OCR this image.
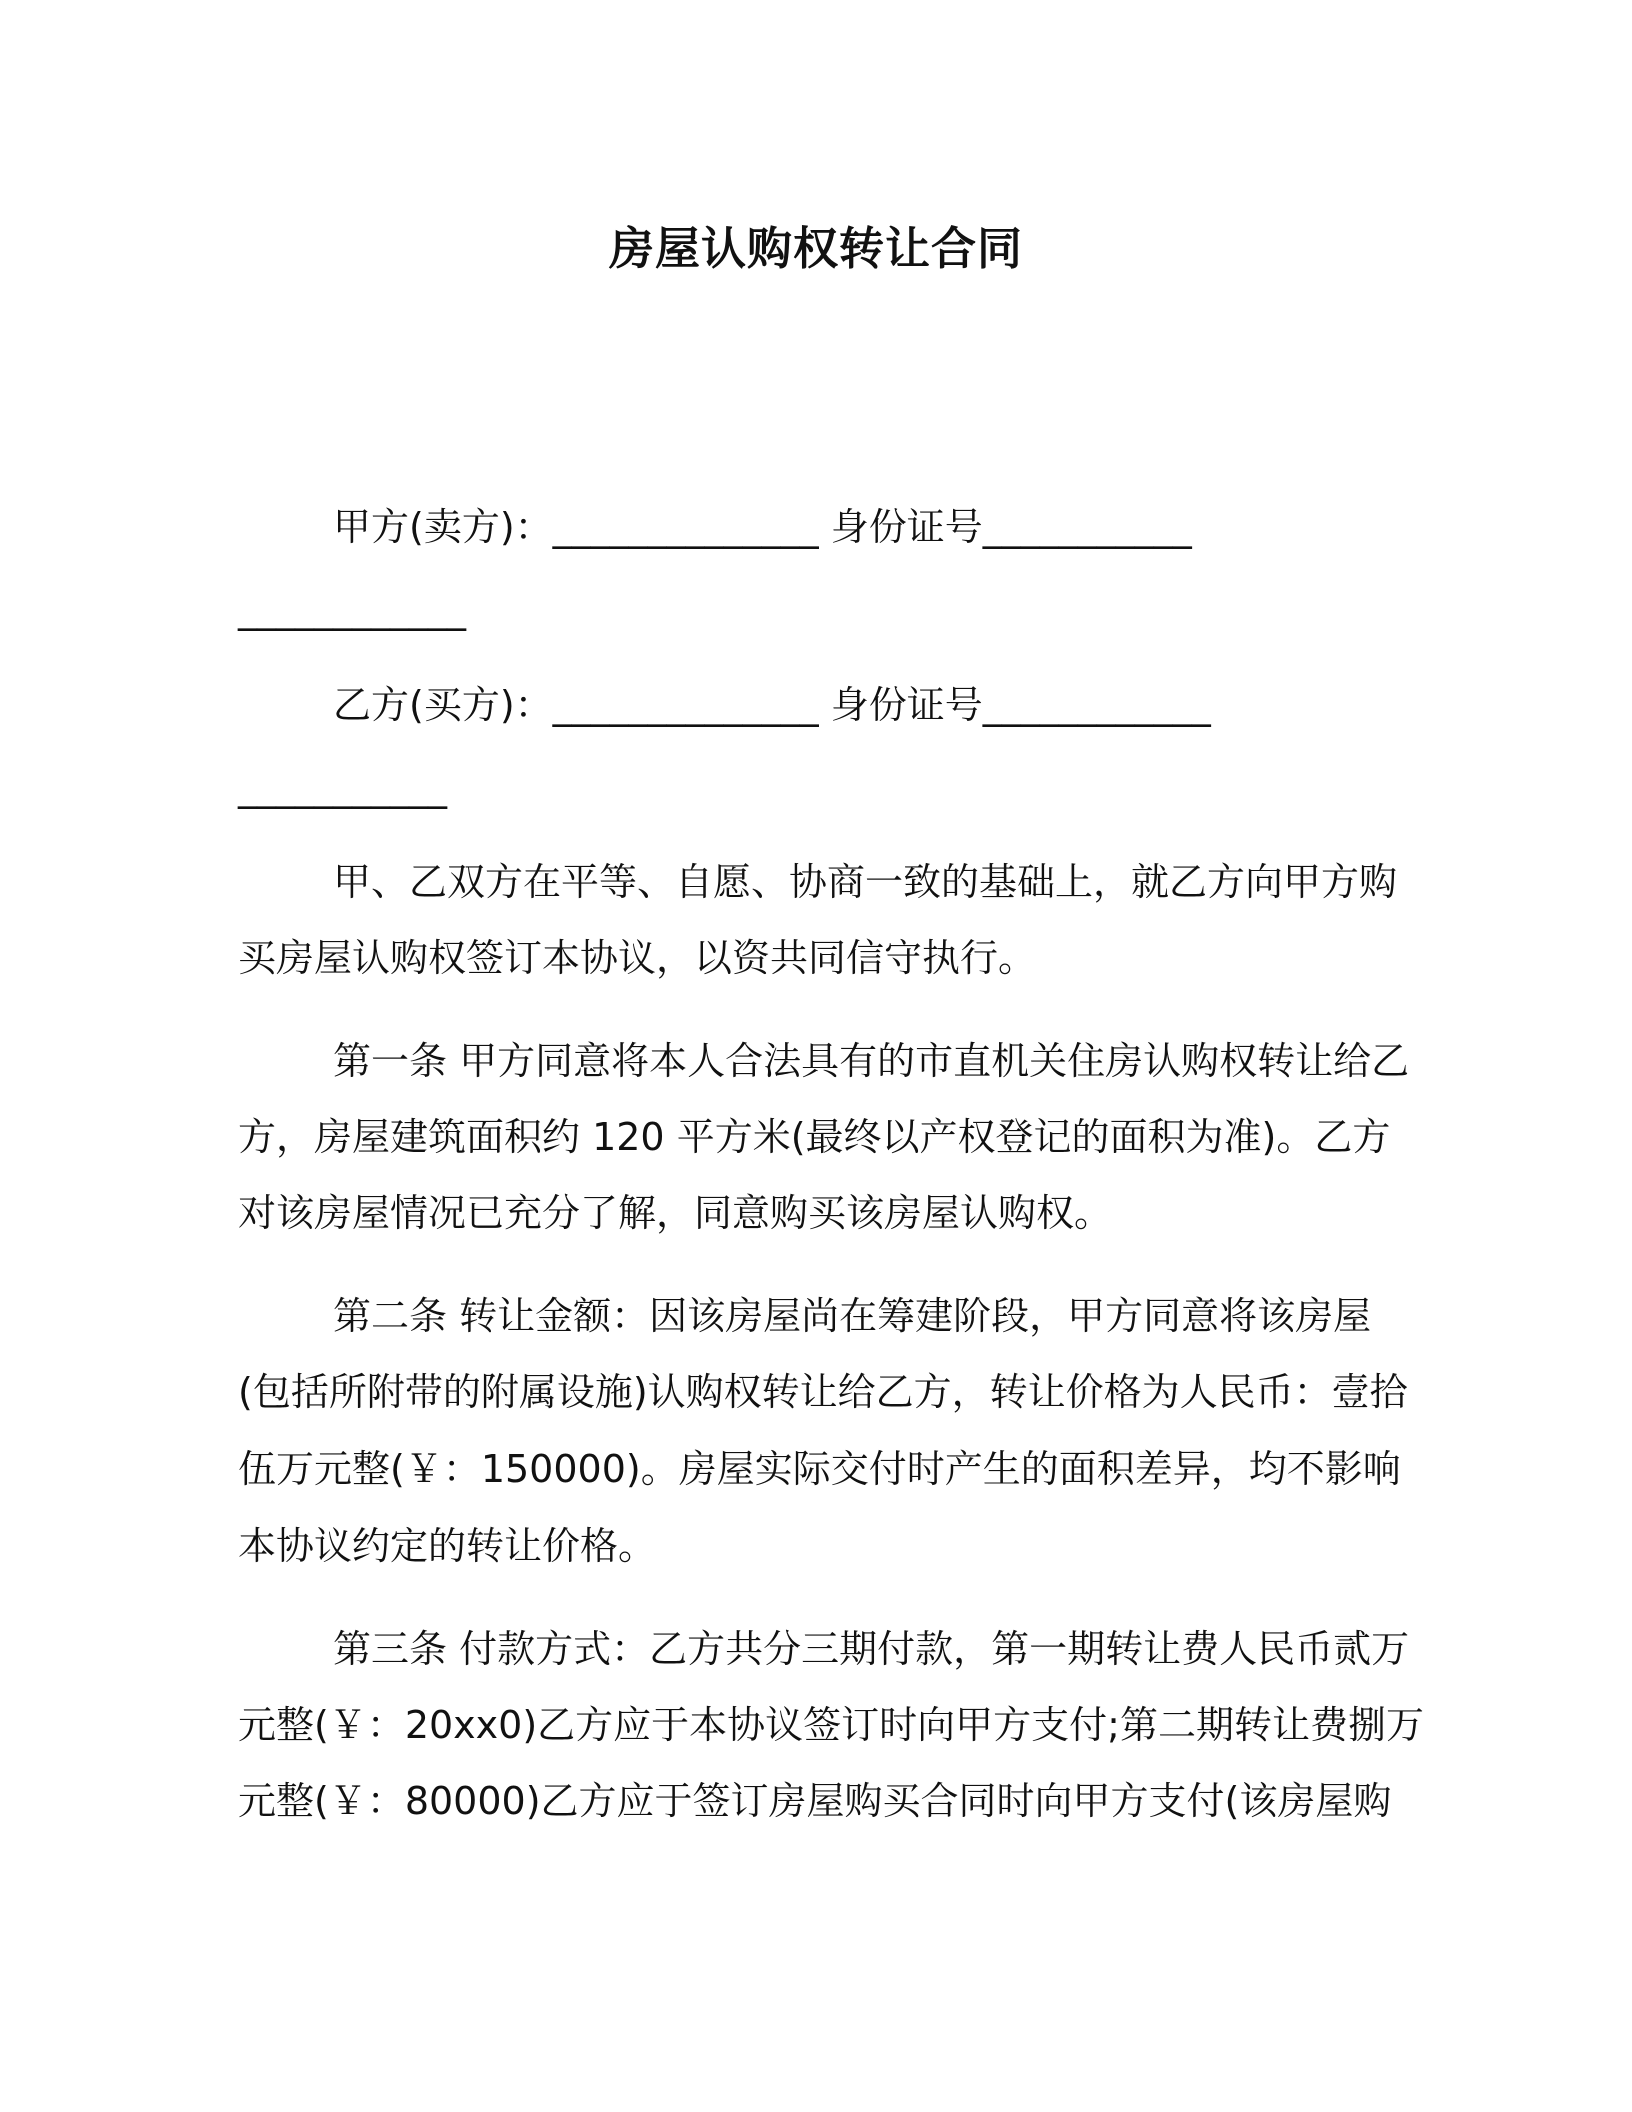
房屋认购权转让合同
甲方(卖方)：______________ 身份证号___________
____________
乙方(买方)：______________ 身份证号____________
___________
甲、乙双方在平等、自愿、协商一致的基础上，就乙方向甲方购
买房屋认购权签订本协议，以资共同信守执行。
第一条 甲方同意将本人合法具有的市直机关住房认购权转让给乙
方，房屋建筑面积约 120 平方米(最终以产权登记的面积为准)。乙方
对该房屋情况已充分了解，同意购买该房屋认购权。
第二条 转让金额：因该房屋尚在筹建阶段，甲方同意将该房屋
(包括所附带的附属设施)认购权转让给乙方，转让价格为人民币：壹拾
伍万元整(￥：150000)。房屋实际交付时产生的面积差异，均不影响
本协议约定的转让价格。
第三条 付款方式：乙方共分三期付款，第一期转让费人民币贰万
元整(￥：20xx0)乙方应于本协议签订时向甲方支付;第二期转让费捌万
元整(￥：80000)乙方应于签订房屋购买合同时向甲方支付(该房屋购
